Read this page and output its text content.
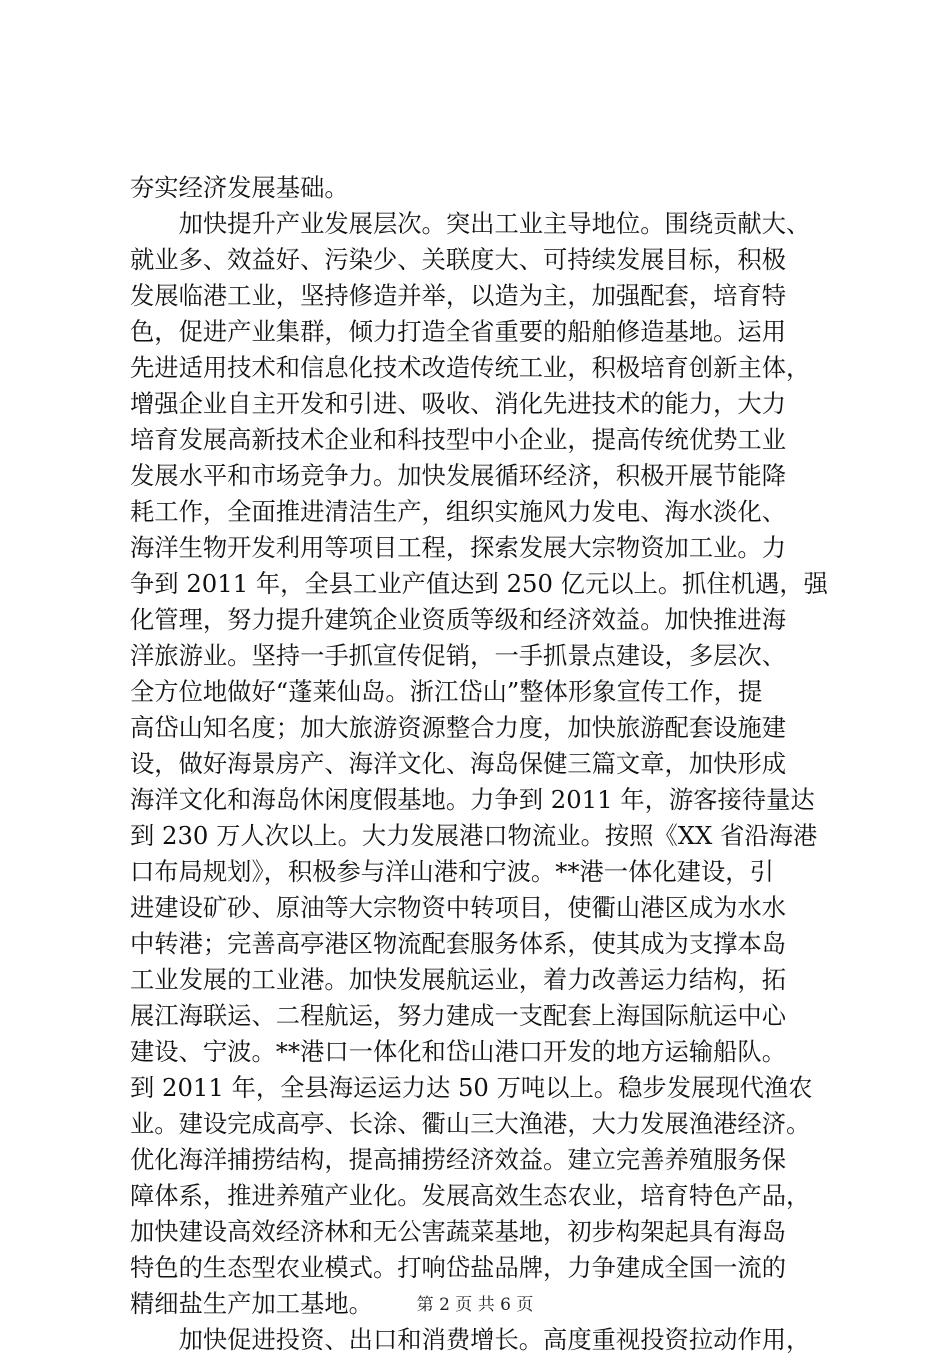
夯实经济发展基础。
　　加快提升产业发展层次。突出工业主导地位。围绕贡献大、
就业多、效益好、污染少、关联度大、可持续发展目标，积极
发展临港工业，坚持修造并举，以造为主，加强配套，培育特
色，促进产业集群，倾力打造全省重要的船舶修造基地。运用
先进适用技术和信息化技术改造传统工业，积极培育创新主体，
增强企业自主开发和引进、吸收、消化先进技术的能力，大力
培育发展高新技术企业和科技型中小企业，提高传统优势工业
发展水平和市场竞争力。加快发展循环经济，积极开展节能降
耗工作，全面推进清洁生产，组织实施风力发电、海水淡化、
海洋生物开发利用等项目工程，探索发展大宗物资加工业。力
争到 2011 年，全县工业产值达到 250 亿元以上。抓住机遇，强
化管理，努力提升建筑企业资质等级和经济效益。加快推进海
洋旅游业。坚持一手抓宣传促销，一手抓景点建设，多层次、
全方位地做好“蓬莱仙岛。浙江岱山”整体形象宣传工作，提
高岱山知名度；加大旅游资源整合力度，加快旅游配套设施建
设，做好海景房产、海洋文化、海岛保健三篇文章，加快形成
海洋文化和海岛休闲度假基地。力争到 2011 年，游客接待量达
到 230 万人次以上。大力发展港口物流业。按照《XX 省沿海港
口布局规划》，积极参与洋山港和宁波。**港一体化建设，引
进建设矿砂、原油等大宗物资中转项目，使衢山港区成为水水
中转港；完善高亭港区物流配套服务体系，使其成为支撑本岛
工业发展的工业港。加快发展航运业，着力改善运力结构，拓
展江海联运、二程航运，努力建成一支配套上海国际航运中心
建设、宁波。**港口一体化和岱山港口开发的地方运输船队。
到 2011 年，全县海运运力达 50 万吨以上。稳步发展现代渔农
业。建设完成高亭、长涂、衢山三大渔港，大力发展渔港经济。
优化海洋捕捞结构，提高捕捞经济效益。建立完善养殖服务保
障体系，推进养殖产业化。发展高效生态农业，培育特色产品，
加快建设高效经济林和无公害蔬菜基地，初步构架起具有海岛
特色的生态型农业模式。打响岱盐品牌，力争建成全国一流的
精细盐生产加工基地。
　　加快促进投资、出口和消费增长。高度重视投资拉动作用，
第 2 页 共 6 页
